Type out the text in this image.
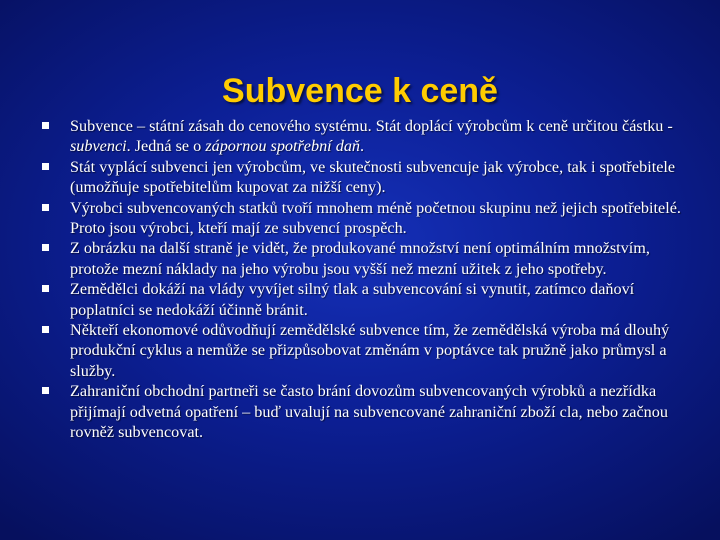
Subvence k ceně
Subvence – státní zásah do cenového systému. Stát doplácí výrobcům k ceně určitou částku - subvenci. Jedná se o zápornou spotřební daň.
Stát vyplácí subvenci jen výrobcům, ve skutečnosti subvencuje jak výrobce, tak i spotřebitele (umožňuje spotřebitelům kupovat za nižší ceny).
Výrobci subvencovaných statků tvoří mnohem méně početnou skupinu než jejich spotřebitelé. Proto jsou výrobci, kteří mají ze subvencí prospěch.
Z obrázku na další straně je vidět, že produkované množství není optimálním množstvím, protože mezní náklady na jeho výrobu jsou vyšší než mezní užitek z jeho spotřeby.
Zemědělci dokáží na vlády vyvíjet silný tlak a subvencování si vynutit, zatímco daňoví poplatníci se nedokáží účinně bránit.
Někteří ekonomové odůvodňují zemědělské subvence tím, že zemědělská výroba má dlouhý produkční cyklus a nemůže se přizpůsobovat změnám v poptávce tak pružně jako průmysl a služby.
Zahraniční obchodní partneři se často brání dovozům subvencovaných výrobků a nezřídka přijímají odvetná opatření – buď uvalují na subvencované zahraniční zboží cla, nebo začnou rovněž subvencovat.
